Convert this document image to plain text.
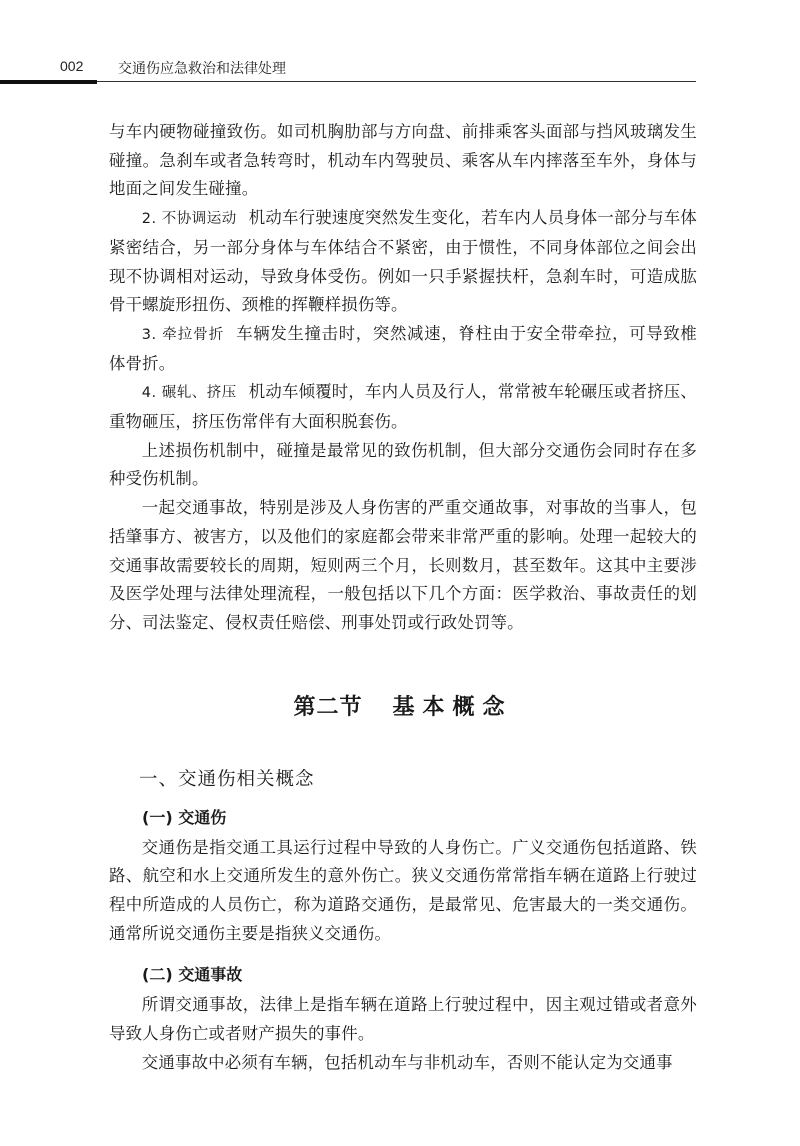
002 交通伤应急救治和法律处理

与车内硬物碰撞致伤。如司机胸肋部与方向盘、前排乘客头面部与挡风玻璃发生碰撞。急刹车或者急转弯时，机动车内驾驶员、乘客从车内摔落至车外，身体与地面之间发生碰撞。

2. 不协调运动 机动车行驶速度突然发生变化，若车内人员身体一部分与车体紧密结合，另一部分身体与车体结合不紧密，由于惯性，不同身体部位之间会出现不协调相对运动，导致身体受伤。例如一只手紧握扶杆，急刹车时，可造成肱骨干螺旋形扭伤、颈椎的挥鞭样损伤等。

3. 牵拉骨折 车辆发生撞击时，突然减速，脊柱由于安全带牵拉，可导致椎体骨折。

4. 碾轧、挤压 机动车倾覆时，车内人员及行人，常常被车轮碾压或者挤压、重物砸压，挤压伤常伴有大面积脱套伤。

上述损伤机制中，碰撞是最常见的致伤机制，但大部分交通伤会同时存在多种受伤机制。

一起交通事故，特别是涉及人身伤害的严重交通故事，对事故的当事人，包括肇事方、被害方，以及他们的家庭都会带来非常严重的影响。处理一起较大的交通事故需要较长的周期，短则两三个月，长则数月，甚至数年。这其中主要涉及医学处理与法律处理流程，一般包括以下几个方面：医学救治、事故责任的划分、司法鉴定、侵权责任赔偿、刑事处罚或行政处罚等。

第二节 基本概念
一、交通伤相关概念
(一) 交通伤

交通伤是指交通工具运行过程中导致的人身伤亡。广义交通伤包括道路、铁路、航空和水上交通所发生的意外伤亡。狭义交通伤常常指车辆在道路上行驶过程中所造成的人员伤亡，称为道路交通伤，是最常见、危害最大的一类交通伤。通常所说交通伤主要是指狭义交通伤。

(二) 交通事故

所谓交通事故，法律上是指车辆在道路上行驶过程中，因主观过错或者意外导致人身伤亡或者财产损失的事件。

交通事故中必须有车辆，包括机动车与非机动车，否则不能认定为交通事
